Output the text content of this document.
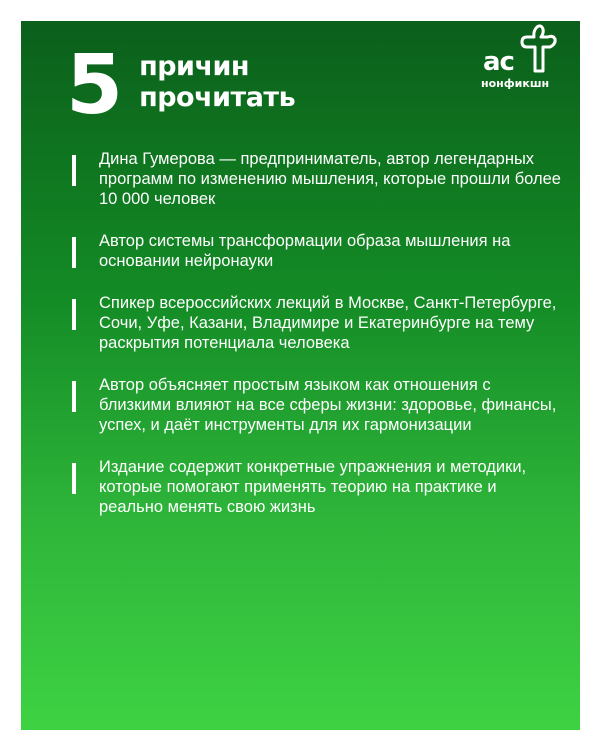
5 причин
прочитать
ас
нонфикшн

Дина Гумерова — предприниматель, автор легендарных программ по изменению мышления, которые прошли более 10 000 человек

Автор системы трансформации образа мышления на основании нейронауки

Спикер всероссийских лекций в Москве, Санкт-Петербурге, Сочи, Уфе, Казани, Владимире и Екатеринбурге на тему раскрытия потенциала человека

Автор объясняет простым языком как отношения с близкими влияют на все сферы жизни: здоровье, финансы, успех, и даёт инструменты для их гармонизации

Издание содержит конкретные упражнения и методики, которые помогают применять теорию на практике и реально менять свою жизнь
